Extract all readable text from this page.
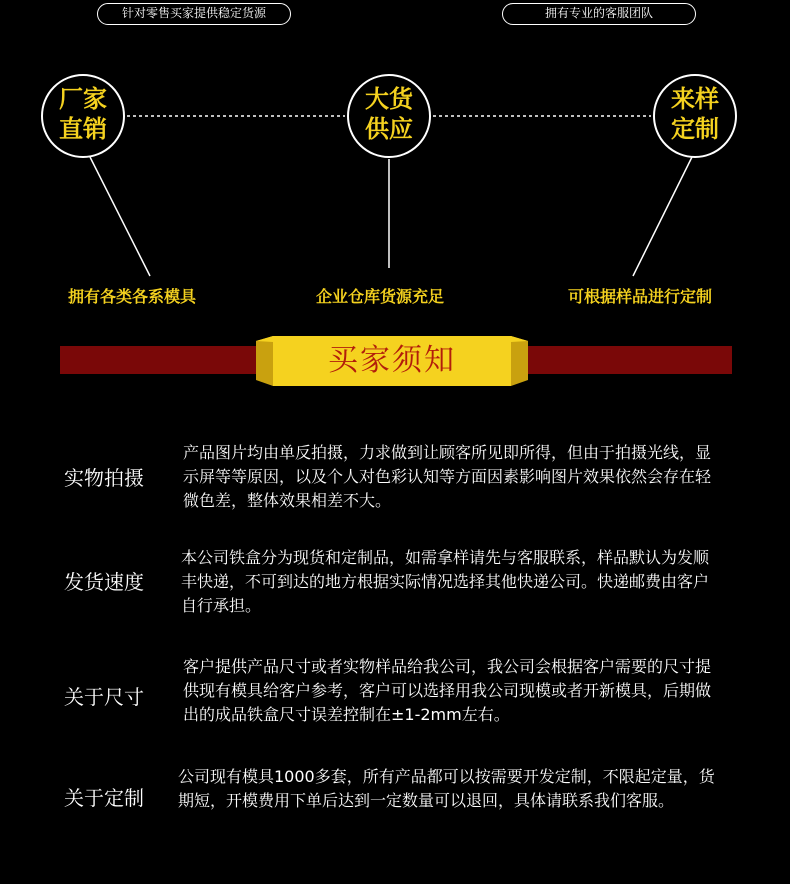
针对零售买家提供稳定货源	拥有专业的客服团队
厂家
直销
大货
供应
来样
定制
拥有各类各系模具	企业仓库货源充足	可根据样品进行定制
买家须知
实物拍摄
产品图片均由单反拍摄，力求做到让顾客所见即所得，但由于拍摄光线，显示屏等等原因，以及个人对色彩认知等方面因素影响图片效果依然会存在轻微色差，整体效果相差不大。
发货速度
本公司铁盒分为现货和定制品，如需拿样请先与客服联系，样品默认为发顺丰快递，不可到达的地方根据实际情况选择其他快递公司。快递邮费由客户自行承担。
关于尺寸
客户提供产品尺寸或者实物样品给我公司，我公司会根据客户需要的尺寸提供现有模具给客户参考，客户可以选择用我公司现模或者开新模具，后期做出的成品铁盒尺寸误差控制在±1-2mm左右。
关于定制
公司现有模具1000多套，所有产品都可以按需要开发定制，不限起定量，货期短，开模费用下单后达到一定数量可以退回，具体请联系我们客服。
